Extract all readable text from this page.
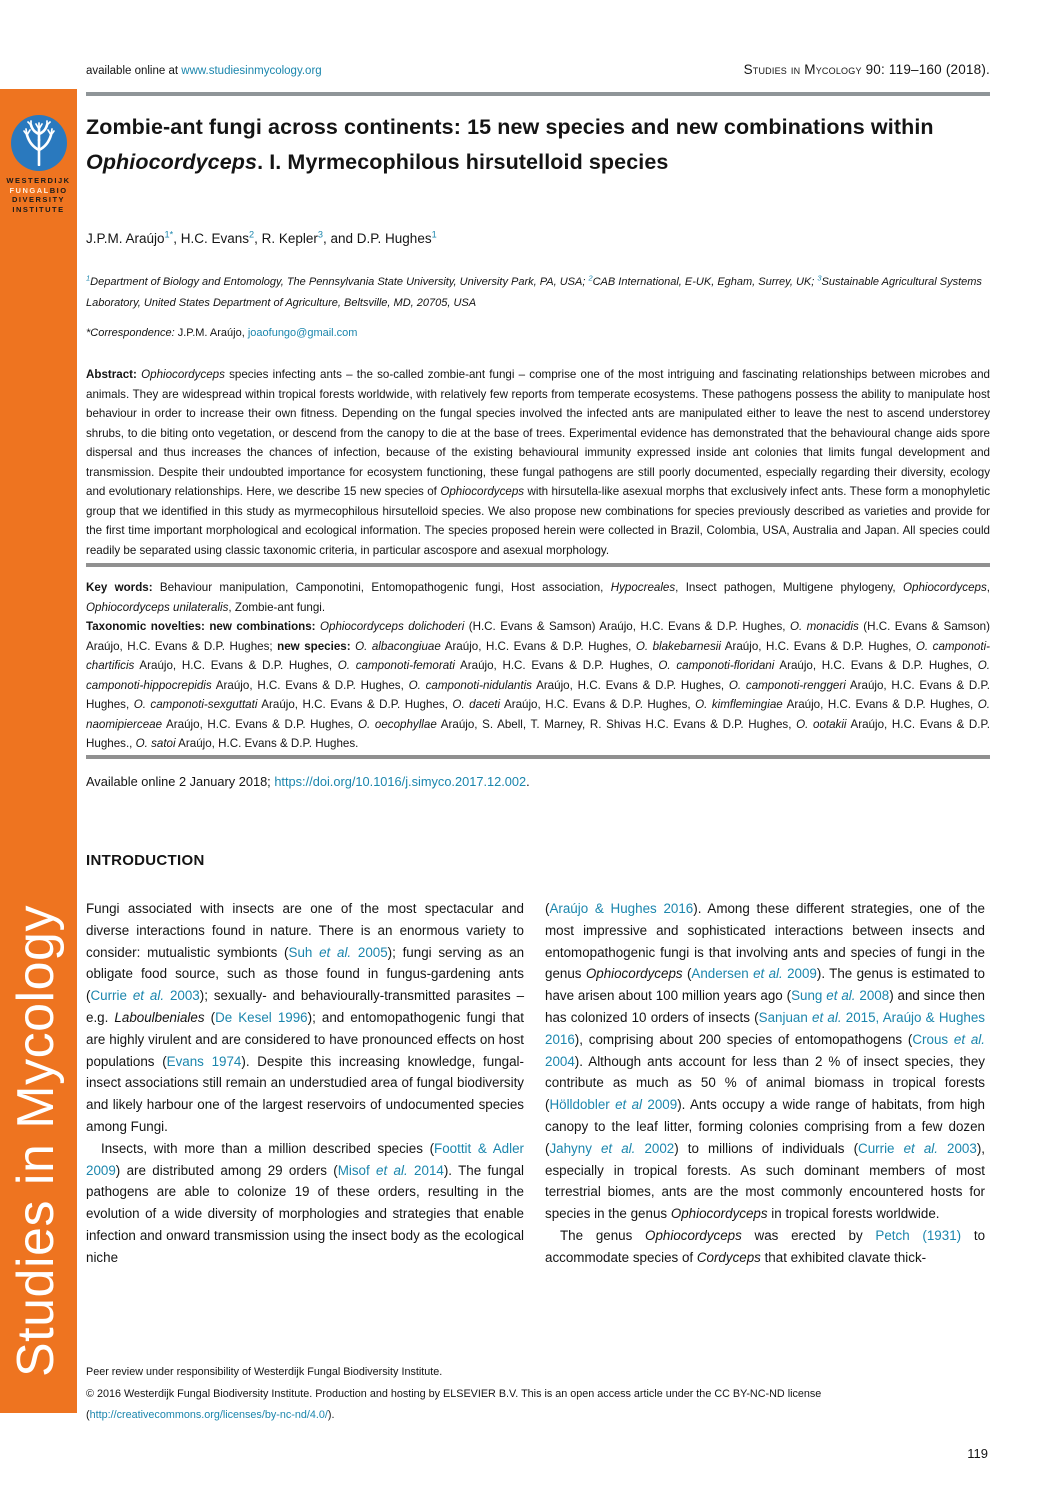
available online at www.studiesinmycology.org	Studies in Mycology 90: 119–160 (2018).
WESTERDIJK
FUNGALBIO
DIVERSITY
INSTITUTE
Studies in Mycology
Zombie-ant fungi across continents: 15 new species and new combinations within Ophiocordyceps. I. Myrmecophilous hirsutelloid species
J.P.M. Araújo$^{1*}$, H.C. Evans$^2$, R. Kepler$^3$, and D.P. Hughes$^1$
$^1$Department of Biology and Entomology, The Pennsylvania State University, University Park, PA, USA; $^2$CAB International, E-UK, Egham, Surrey, UK; $^3$Sustainable Agricultural Systems Laboratory, United States Department of Agriculture, Beltsville, MD, 20705, USA
*Correspondence: J.P.M. Araújo, joaofungo@gmail.com
Abstract: Ophiocordyceps species infecting ants – the so-called zombie-ant fungi – comprise one of the most intriguing and fascinating relationships between microbes and animals. They are widespread within tropical forests worldwide, with relatively few reports from temperate ecosystems. These pathogens possess the ability to manipulate host behaviour in order to increase their own fitness. Depending on the fungal species involved the infected ants are manipulated either to leave the nest to ascend understorey shrubs, to die biting onto vegetation, or descend from the canopy to die at the base of trees. Experimental evidence has demonstrated that the behavioural change aids spore dispersal and thus increases the chances of infection, because of the existing behavioural immunity expressed inside ant colonies that limits fungal development and transmission. Despite their undoubted importance for ecosystem functioning, these fungal pathogens are still poorly documented, especially regarding their diversity, ecology and evolutionary relationships. Here, we describe 15 new species of Ophiocordyceps with hirsutella-like asexual morphs that exclusively infect ants. These form a monophyletic group that we identified in this study as myrmecophilous hirsutelloid species. We also propose new combinations for species previously described as varieties and provide for the first time important morphological and ecological information. The species proposed herein were collected in Brazil, Colombia, USA, Australia and Japan. All species could readily be separated using classic taxonomic criteria, in particular ascospore and asexual morphology.

Key words: Behaviour manipulation, Camponotini, Entomopathogenic fungi, Host association, Hypocreales, Insect pathogen, Multigene phylogeny, Ophiocordyceps, Ophiocordyceps unilateralis, Zombie-ant fungi.

Taxonomic novelties: new combinations: Ophiocordyceps dolichoderi (H.C. Evans & Samson) Araújo, H.C. Evans & D.P. Hughes, O. monacidis (H.C. Evans & Samson) Araújo, H.C. Evans & D.P. Hughes; new species: O. albacongiuae Araújo, H.C. Evans & D.P. Hughes, O. blakebarnesii Araújo, H.C. Evans & D.P. Hughes, O. camponoti-chartificis Araújo, H.C. Evans & D.P. Hughes, O. camponoti-femorati Araújo, H.C. Evans & D.P. Hughes, O. camponoti-floridani Araújo, H.C. Evans & D.P. Hughes, O. camponoti-hippocrepidis Araújo, H.C. Evans & D.P. Hughes, O. camponoti-nidulantis Araújo, H.C. Evans & D.P. Hughes, O. camponoti-renggeri Araújo, H.C. Evans & D.P. Hughes, O. camponoti-sexguttati Araújo, H.C. Evans & D.P. Hughes, O. daceti Araújo, H.C. Evans & D.P. Hughes, O. kimflemingiae Araújo, H.C. Evans & D.P. Hughes, O. naomipierceae Araújo, H.C. Evans & D.P. Hughes, O. oecophyllae Araújo, S. Abell, T. Marney, R. Shivas H.C. Evans & D.P. Hughes, O. ootakii Araújo, H.C. Evans & D.P. Hughes., O. satoi Araújo, H.C. Evans & D.P. Hughes.

Available online 2 January 2018; https://doi.org/10.1016/j.simyco.2017.12.002.
INTRODUCTION

Fungi associated with insects are one of the most spectacular and diverse interactions found in nature. There is an enormous variety to consider: mutualistic symbionts (Suh et al. 2005); fungi serving as an obligate food source, such as those found in fungus-gardening ants (Currie et al. 2003); sexually- and behaviourally-transmitted parasites – e.g. Laboulbeniales (De Kesel 1996); and entomopathogenic fungi that are highly virulent and are considered to have pronounced effects on host populations (Evans 1974). Despite this increasing knowledge, fungal-insect associations still remain an understudied area of fungal biodiversity and likely harbour one of the largest reservoirs of undocumented species among Fungi.

Insects, with more than a million described species (Foottit & Adler 2009) are distributed among 29 orders (Misof et al. 2014). The fungal pathogens are able to colonize 19 of these orders, resulting in the evolution of a wide diversity of morphologies and strategies that enable infection and onward transmission using the insect body as the ecological niche

(Araújo & Hughes 2016). Among these different strategies, one of the most impressive and sophisticated interactions between insects and entomopathogenic fungi is that involving ants and species of fungi in the genus Ophiocordyceps (Andersen et al. 2009). The genus is estimated to have arisen about 100 million years ago (Sung et al. 2008) and since then has colonized 10 orders of insects (Sanjuan et al. 2015, Araújo & Hughes 2016), comprising about 200 species of entomopathogens (Crous et al. 2004). Although ants account for less than 2 % of insect species, they contribute as much as 50 % of animal biomass in tropical forests (Hölldobler et al 2009). Ants occupy a wide range of habitats, from high canopy to the leaf litter, forming colonies comprising from a few dozen (Jahyny et al. 2002) to millions of individuals (Currie et al. 2003), especially in tropical forests. As such dominant members of most terrestrial biomes, ants are the most commonly encountered hosts for species in the genus Ophiocordyceps in tropical forests worldwide.

The genus Ophiocordyceps was erected by Petch (1931) to accommodate species of Cordyceps that exhibited clavate thick-

Peer review under responsibility of Westerdijk Fungal Biodiversity Institute.
© 2016 Westerdijk Fungal Biodiversity Institute. Production and hosting by ELSEVIER B.V. This is an open access article under the CC BY-NC-ND license (http://creativecommons.org/licenses/by-nc-nd/4.0/).
119
